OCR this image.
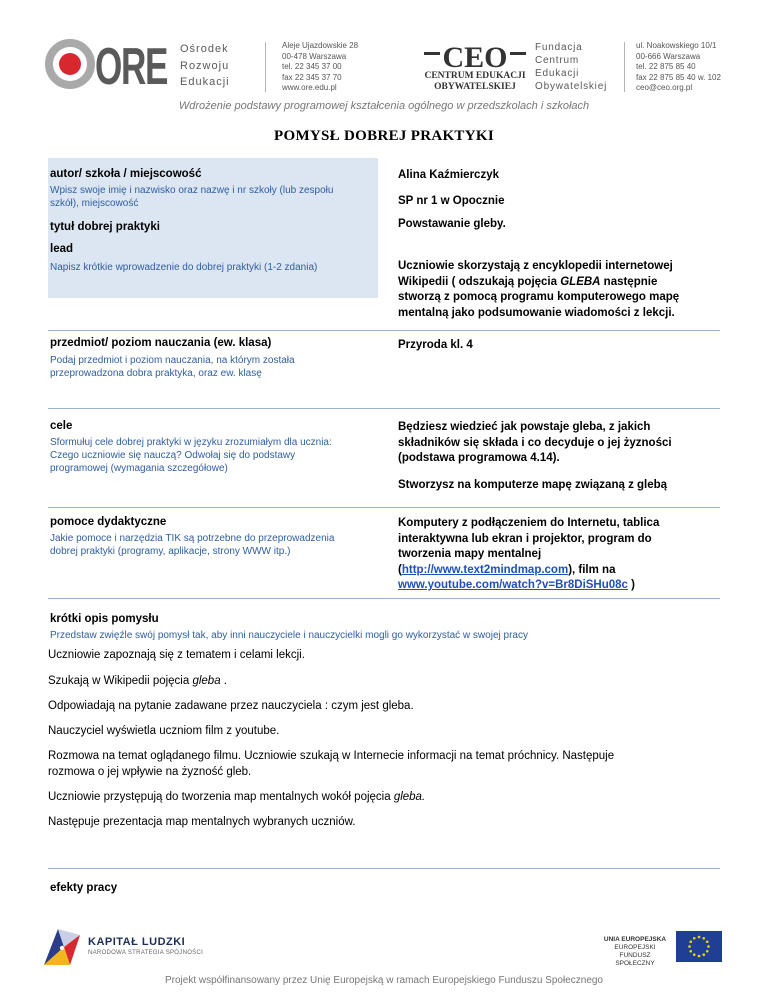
ORE Ośrodek
Rozwoju
Edukacji
Aleje Ujazdowskie 28
00-478 Warszawa
tel. 22 345 37 00
fax 22 345 37 70
www.ore.edu.pl
CEO
CENTRUM EDUKACJI
OBYWATELSKIEJ
Fundacja
Centrum
Edukacji
Obywatelskiej
ul. Noakowskiego 10/1
00-666 Warszawa
tel. 22 875 85 40
fax 22 875 85 40 w. 102
ceo@ceo.org.pl
Wdrożenie podstawy programowej kształcenia ogólnego w przedszkolach i szkołach
POMYSŁ DOBREJ PRAKTYKI
autor/ szkoła / miejscowość
Wpisz swoje imię i nazwisko oraz nazwę i nr szkoły (lub zespołu
szkół), miejscowość
Alina Kaźmierczyk
SP nr 1 w Opocznie
tytuł dobrej praktyki	Powstawanie gleby.
lead
Napisz krótkie wprowadzenie do dobrej praktyki (1-2 zdania)	Uczniowie skorzystają z encyklopedii internetowej
Wikipedii ( odszukają pojęcia GLEBA następnie
stworzą z pomocą programu komputerowego mapę
mentalną jako podsumowanie wiadomości z lekcji.
przedmiot/ poziom nauczania (ew. klasa)
Podaj przedmiot i poziom nauczania, na którym została
przeprowadzona dobra praktyka, oraz ew. klasę
Przyroda kl. 4
cele
Sformułuj cele dobrej praktyki w języku zrozumiałym dla ucznia:
Czego uczniowie się nauczą? Odwołaj się do podstawy
programowej (wymagania szczegółowe)
Będziesz wiedzieć jak powstaje gleba, z jakich
składników się składa i co decyduje o jej żyzności
(podstawa programowa 4.14).
Stworzysz na komputerze mapę związaną z glebą
pomoce dydaktyczne
Jakie pomoce i narzędzia TIK są potrzebne do przeprowadzenia
dobrej praktyki (programy, aplikacje, strony WWW itp.)
Komputery z podłączeniem do Internetu, tablica
interaktywna lub ekran i projektor, program do
tworzenia mapy mentalnej
(http://www.text2mindmap.com), film na
www.youtube.com/watch?v=Br8DiSHu08c )
krótki opis pomysłu
Przedstaw zwięźle swój pomysł tak, aby inni nauczyciele i nauczycielki mogli go wykorzystać w swojej pracy
Uczniowie zapoznają się z tematem i celami lekcji.
Szukają w Wikipedii pojęcia gleba .
Odpowiadają na pytanie zadawane przez nauczyciela : czym jest gleba.
Nauczyciel wyświetla uczniom film z youtube.
Rozmowa na temat oglądanego filmu. Uczniowie szukają w Internecie informacji na temat próchnicy. Następuje
rozmowa o jej wpływie na żyzność gleb.
Uczniowie przystępują do tworzenia map mentalnych wokół pojęcia gleba.
Następuje prezentacja map mentalnych wybranych uczniów.
efekty pracy
KAPITAŁ LUDZKI
NARODOWA STRATEGIA SPÓJNOŚCI
UNIA EUROPEJSKA
EUROPEJSKI
FUNDUSZ SPOŁECZNY
Projekt współfinansowany przez Unię Europejską w ramach Europejskiego Funduszu Społecznego
